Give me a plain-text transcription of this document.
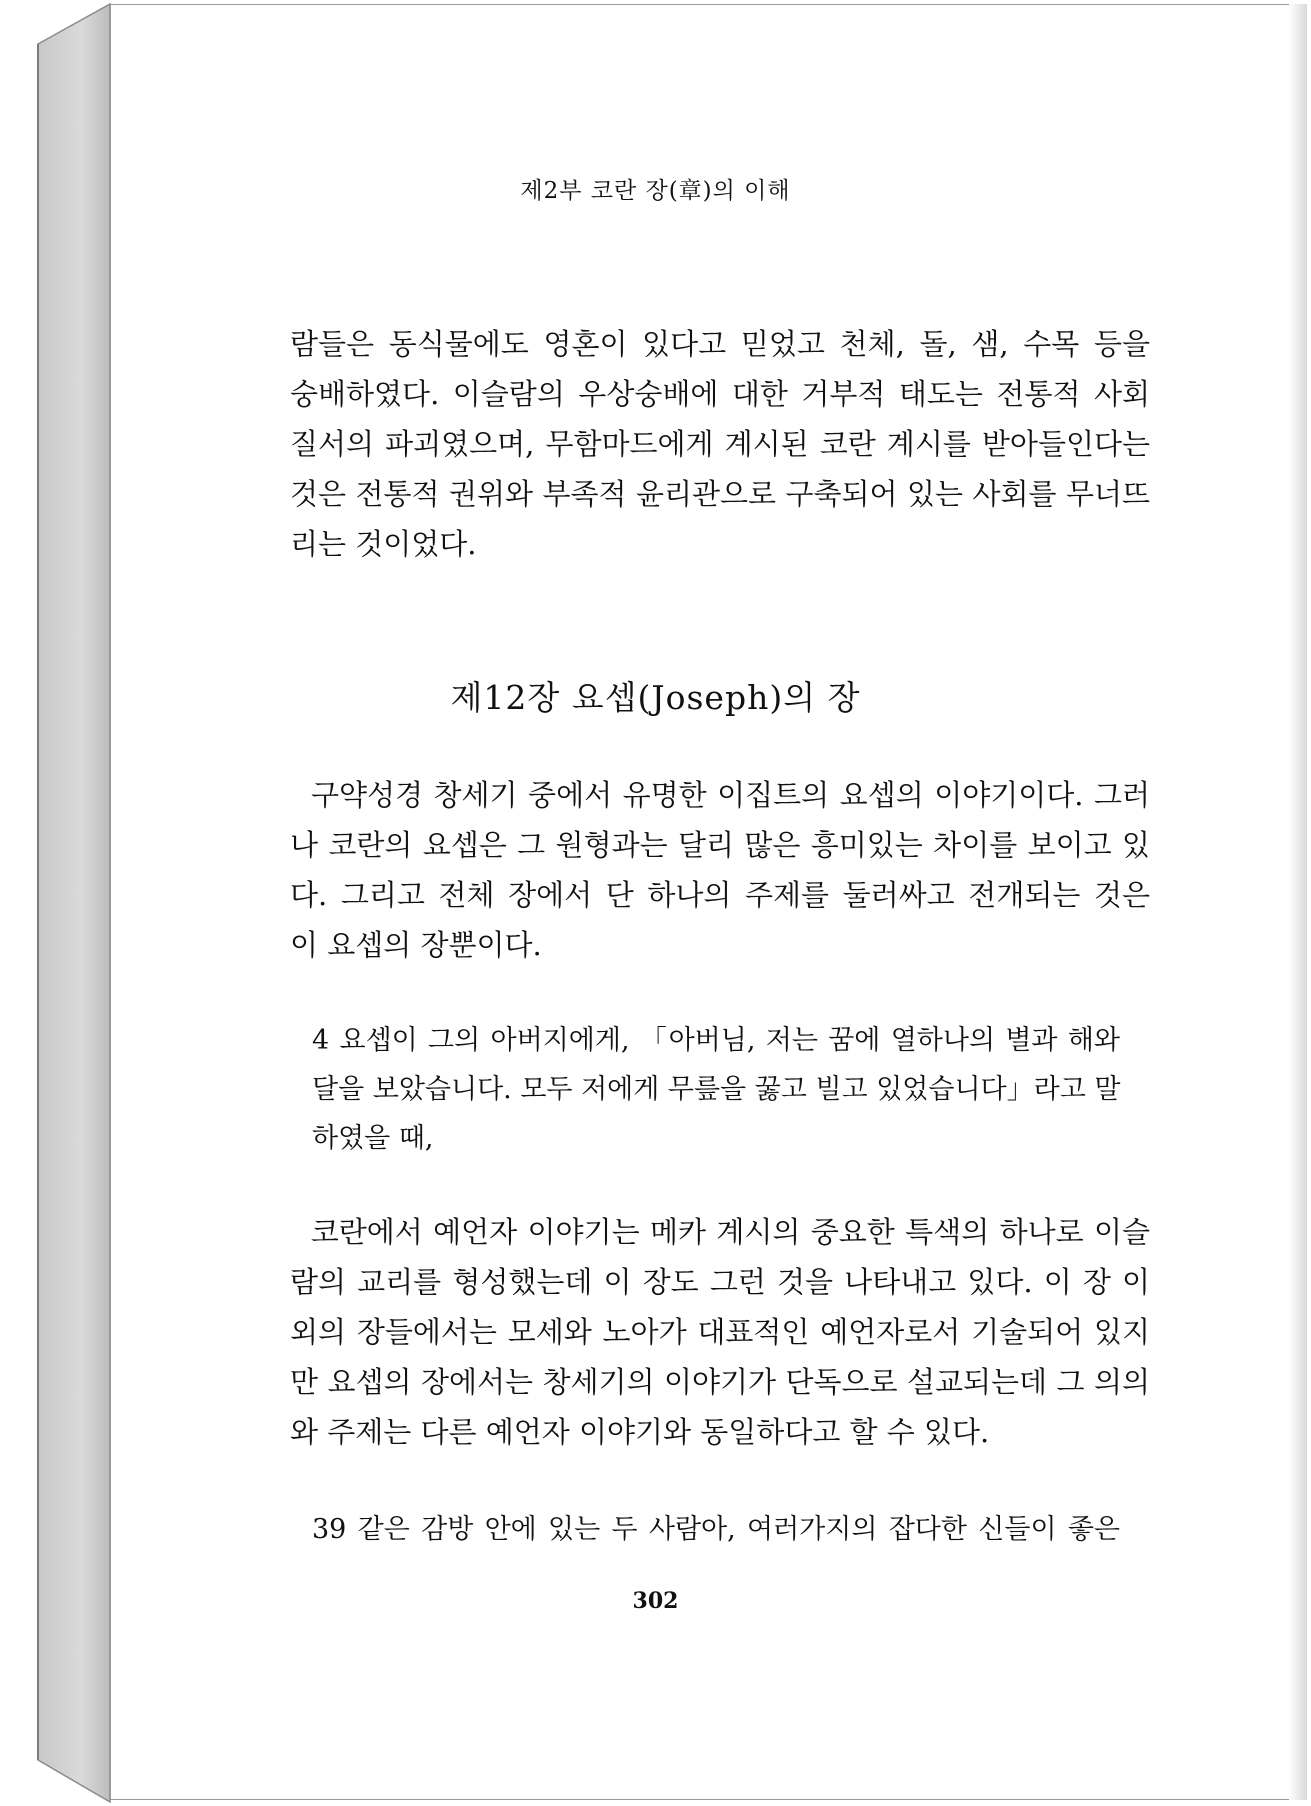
제2부 코란 장(章)의 이해
람들은 동식물에도 영혼이 있다고 믿었고 천체, 돌, 샘, 수목 등을
숭배하였다. 이슬람의 우상숭배에 대한 거부적 태도는 전통적 사회
질서의 파괴였으며, 무함마드에게 계시된 코란 계시를 받아들인다는
것은 전통적 권위와 부족적 윤리관으로 구축되어 있는 사회를 무너뜨
리는 것이었다.
제12장 요셉(Joseph)의 장
구약성경 창세기 중에서 유명한 이집트의 요셉의 이야기이다. 그러
나 코란의 요셉은 그 원형과는 달리 많은 흥미있는 차이를 보이고 있
다. 그리고 전체 장에서 단 하나의 주제를 둘러싸고 전개되는 것은
이 요셉의 장뿐이다.
4 요셉이 그의 아버지에게, 「아버님, 저는 꿈에 열하나의 별과 해와
달을 보았습니다. 모두 저에게 무릎을 꿇고 빌고 있었습니다」라고 말
하였을 때,
코란에서 예언자 이야기는 메카 계시의 중요한 특색의 하나로 이슬
람의 교리를 형성했는데 이 장도 그런 것을 나타내고 있다. 이 장 이
외의 장들에서는 모세와 노아가 대표적인 예언자로서 기술되어 있지
만 요셉의 장에서는 창세기의 이야기가 단독으로 설교되는데 그 의의
와 주제는 다른 예언자 이야기와 동일하다고 할 수 있다.
39 같은 감방 안에 있는 두 사람아, 여러가지의 잡다한 신들이 좋은
302
